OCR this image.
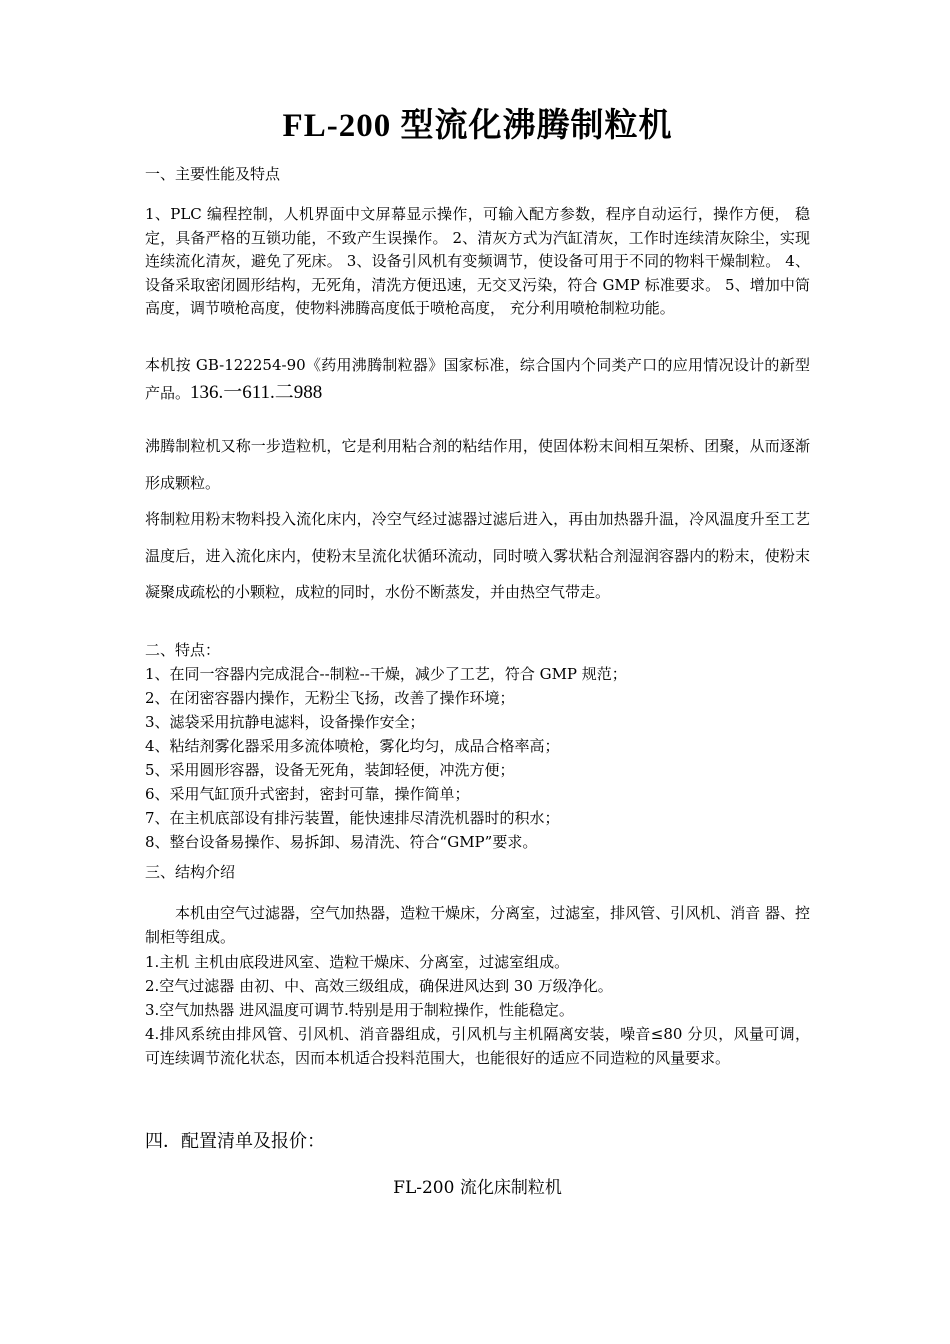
FL-200 型流化沸腾制粒机

一、主要性能及特点

1、PLC 编程控制，人机界面中文屏幕显示操作，可输入配方参数，程序自动运行，操作方便， 稳定，具备严格的互锁功能，不致产生误操作。 2、清灰方式为汽缸清灰，工作时连续清灰除尘，实现连续流化清灰，避免了死床。 3、设备引风机有变频调节，使设备可用于不同的物料干燥制粒。 4、设备采取密闭圆形结构，无死角，清洗方便迅速，无交叉污染，符合 GMP 标准要求。 5、增加中筒高度，调节喷枪高度，使物料沸腾高度低于喷枪高度， 充分利用喷枪制粒功能。

本机按 GB-122254-90《药用沸腾制粒器》国家标准，综合国内个同类产口的应用情况设计的新型产品。136.一611.二988

沸腾制粒机又称一步造粒机，它是利用粘合剂的粘结作用，使固体粉末间相互架桥、团聚，从而逐渐形成颗粒。

将制粒用粉末物料投入流化床内，冷空气经过滤器过滤后进入，再由加热器升温，冷风温度升至工艺温度后，进入流化床内，使粉末呈流化状循环流动，同时喷入雾状粘合剂湿润容器内的粉末，使粉末凝聚成疏松的小颗粒，成粒的同时，水份不断蒸发，并由热空气带走。

二、特点：

1、在同一容器内完成混合--制粒--干燥，减少了工艺，符合 GMP 规范；
2、在闭密容器内操作，无粉尘飞扬，改善了操作环境；
3、滤袋采用抗静电滤料，设备操作安全；
4、粘结剂雾化器采用多流体喷枪，雾化均匀，成品合格率高；
5、采用圆形容器，设备无死角，装卸轻便，冲洗方便；
6、采用气缸顶升式密封，密封可靠，操作简单；
7、在主机底部设有排污装置，能快速排尽清洗机器时的积水；
8、整台设备易操作、易拆卸、易清洗、符合“GMP”要求。

三、结构介绍

本机由空气过滤器，空气加热器，造粒干燥床，分离室，过滤室，排风管、引风机、消音 器、控制柜等组成。

1.主机 主机由底段进风室、造粒干燥床、分离室，过滤室组成。
2.空气过滤器 由初、中、高效三级组成，确保进风达到 30 万级净化。
3.空气加热器 进风温度可调节.特别是用于制粒操作，性能稳定。
4.排风系统由排风管、引风机、消音器组成，引风机与主机隔离安装，噪音≤80 分贝，风量可调， 可连续调节流化状态，因而本机适合投料范围大，也能很好的适应不同造粒的风量要求。

四．配置清单及报价：

FL-200 流化床制粒机
